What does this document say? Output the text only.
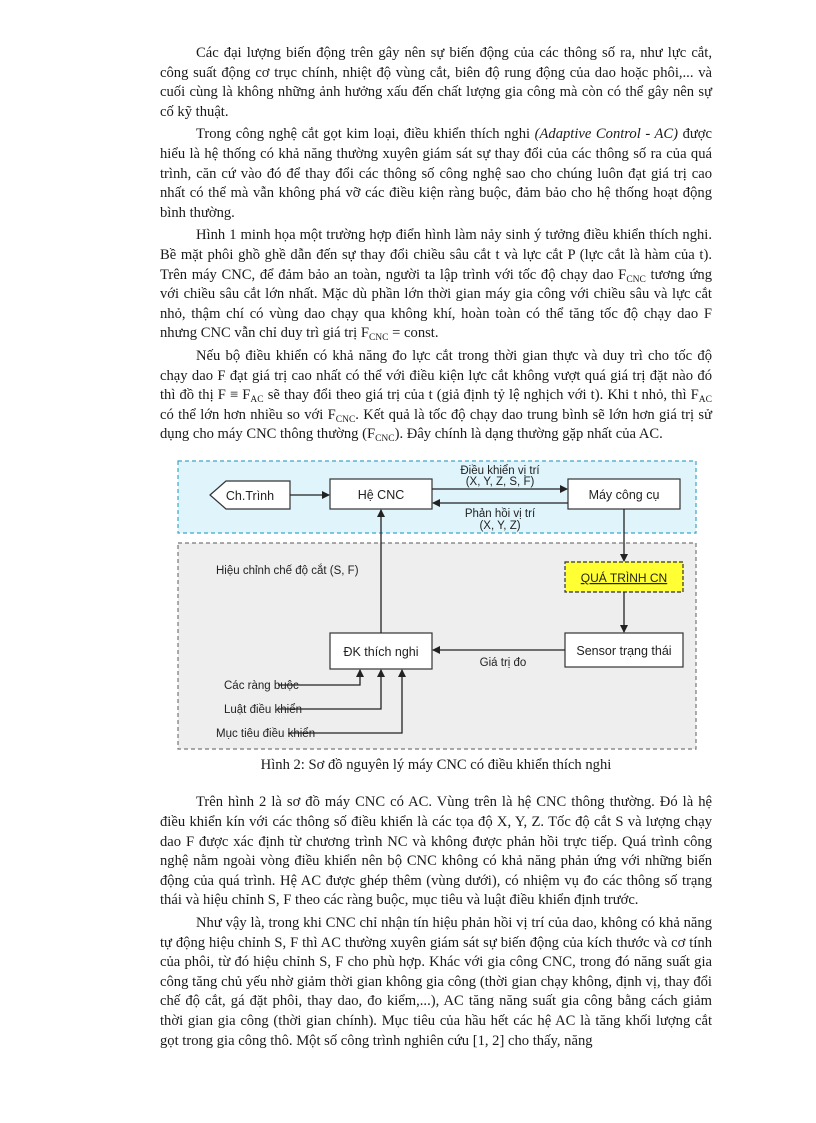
Các đại lượng biến động trên gây nên sự biến động của các thông số ra, như lực cắt, công suất động cơ trục chính, nhiệt độ vùng cắt, biên độ rung động của dao hoặc phôi,... và cuối cùng là không những ảnh hưởng xấu đến chất lượng gia công mà còn có thể gây nên sự cố kỹ thuật.

Trong công nghệ cắt gọt kim loại, điều khiển thích nghi (Adaptive Control - AC) được hiểu là hệ thống có khả năng thường xuyên giám sát sự thay đổi của các thông số ra của quá trình, căn cứ vào đó để thay đổi các thông số công nghệ sao cho chúng luôn đạt giá trị cao nhất có thể mà vẫn không phá vỡ các điều kiện ràng buộc, đảm bảo cho hệ thống hoạt động bình thường.

Hình 1 minh họa một trường hợp điển hình làm nảy sinh ý tưởng điều khiển thích nghi. Bề mặt phôi ghồ ghề dẫn đến sự thay đổi chiều sâu cắt t và lực cắt P (lực cắt là hàm của t). Trên máy CNC, để đảm bảo an toàn, người ta lập trình với tốc độ chạy dao $F_{CNC}$ tương ứng với chiều sâu cắt lớn nhất. Mặc dù phần lớn thời gian máy gia công với chiều sâu và lực cắt nhỏ, thậm chí có vùng dao chạy qua không khí, hoàn toàn có thể tăng tốc độ chạy dao F nhưng CNC vẫn chỉ duy trì giá trị $F_{CNC}$ = const.

Nếu bộ điều khiển có khả năng đo lực cắt trong thời gian thực và duy trì cho tốc độ chạy dao F đạt giá trị cao nhất có thể với điều kiện lực cắt không vượt quá giá trị đặt nào đó thì đồ thị $F \equiv F_{AC}$ sẽ thay đổi theo giá trị của t (giả định tỷ lệ nghịch với t). Khi t nhỏ, thì $F_{AC}$ có thể lớn hơn nhiều so với $F_{CNC}$. Kết quả là tốc độ chạy dao trung bình sẽ lớn hơn giá trị sử dụng cho máy CNC thông thường $(F_{CNC})$. Đây chính là dạng thường gặp nhất của AC.

Ch.Trình	Hệ CNC	Máy công cụ
QUÁ TRÌNH CN
Sensor trạng thái
ĐK thích nghi
Điều khiển vị trí
(X, Y, Z, S, F)
Phản hồi vị trí
(X, Y, Z)
Hiệu chỉnh chế độ cắt (S, F)
Giá trị đo
Các ràng buộc
Luật điều khiển
Mục tiêu điều khiển
Hình 2: Sơ đồ nguyên lý máy CNC có điều khiển thích nghi

Trên hình 2 là sơ đồ máy CNC có AC. Vùng trên là hệ CNC thông thường. Đó là hệ điều khiển kín với các thông số điều khiển là các tọa độ X, Y, Z. Tốc độ cắt S và lượng chạy dao F được xác định từ chương trình NC và không được phản hồi trực tiếp. Quá trình công nghệ nằm ngoài vòng điều khiển nên bộ CNC không có khả năng phản ứng với những biến động của quá trình. Hệ AC được ghép thêm (vùng dưới), có nhiệm vụ đo các thông số trạng thái và hiệu chỉnh S, F theo các ràng buộc, mục tiêu và luật điều khiển định trước.

Như vậy là, trong khi CNC chỉ nhận tín hiệu phản hồi vị trí của dao, không có khả năng tự động hiệu chỉnh S, F thì AC thường xuyên giám sát sự biến động của kích thước và cơ tính của phôi, từ đó hiệu chỉnh S, F cho phù hợp. Khác với gia công CNC, trong đó năng suất gia công tăng chủ yếu nhờ giảm thời gian không gia công (thời gian chạy không, định vị, thay đổi chế độ cắt, gá đặt phôi, thay dao, đo kiểm,...), AC tăng năng suất gia công bằng cách giảm thời gian gia công (thời gian chính). Mục tiêu của hầu hết các hệ AC là tăng khối lượng cắt gọt trong gia công thô. Một số công trình nghiên cứu [1, 2] cho thấy, năng
